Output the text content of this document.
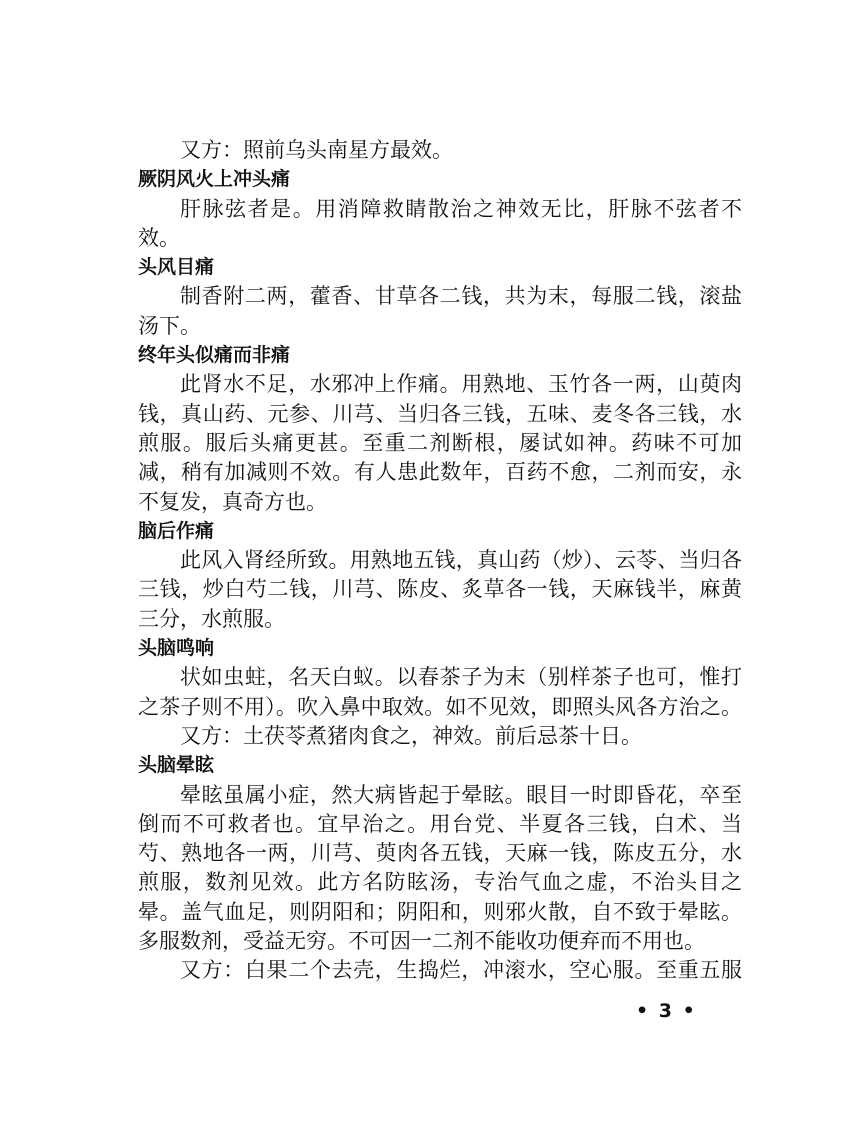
又方：照前乌头南星方最效。
厥阴风火上冲头痛
肝脉弦者是。用消障救睛散治之神效无比，肝脉不弦者不
效。
头风目痛
制香附二两，藿香、甘草各二钱，共为末，每服二钱，滚盐
汤下。
终年头似痛而非痛
此肾水不足，水邪冲上作痛。用熟地、玉竹各一两，山萸肉
钱，真山药、元参、川芎、当归各三钱，五味、麦冬各三钱，水
煎服。服后头痛更甚。至重二剂断根，屡试如神。药味不可加
减，稍有加减则不效。有人患此数年，百药不愈，二剂而安，永
不复发，真奇方也。
脑后作痛
此风入肾经所致。用熟地五钱，真山药（炒）、云苓、当归各
三钱，炒白芍二钱，川芎、陈皮、炙草各一钱，天麻钱半，麻黄
三分，水煎服。
头脑鸣响
状如虫蛀，名天白蚁。以春茶子为末（别样茶子也可，惟打
之茶子则不用）。吹入鼻中取效。如不见效，即照头风各方治之。
又方：土茯苓煮猪肉食之，神效。前后忌茶十日。
头脑晕眩
晕眩虽属小症，然大病皆起于晕眩。眼目一时即昏花，卒至
倒而不可救者也。宜早治之。用台党、半夏各三钱，白术、当
芍、熟地各一两，川芎、萸肉各五钱，天麻一钱，陈皮五分，水
煎服，数剂见效。此方名防眩汤，专治气血之虚，不治头目之
晕。盖气血足，则阴阳和；阴阳和，则邪火散，自不致于晕眩。
多服数剂，受益无穷。不可因一二剂不能收功便弃而不用也。
又方：白果二个去壳，生捣烂，冲滚水，空心服。至重五服
• 3 •
